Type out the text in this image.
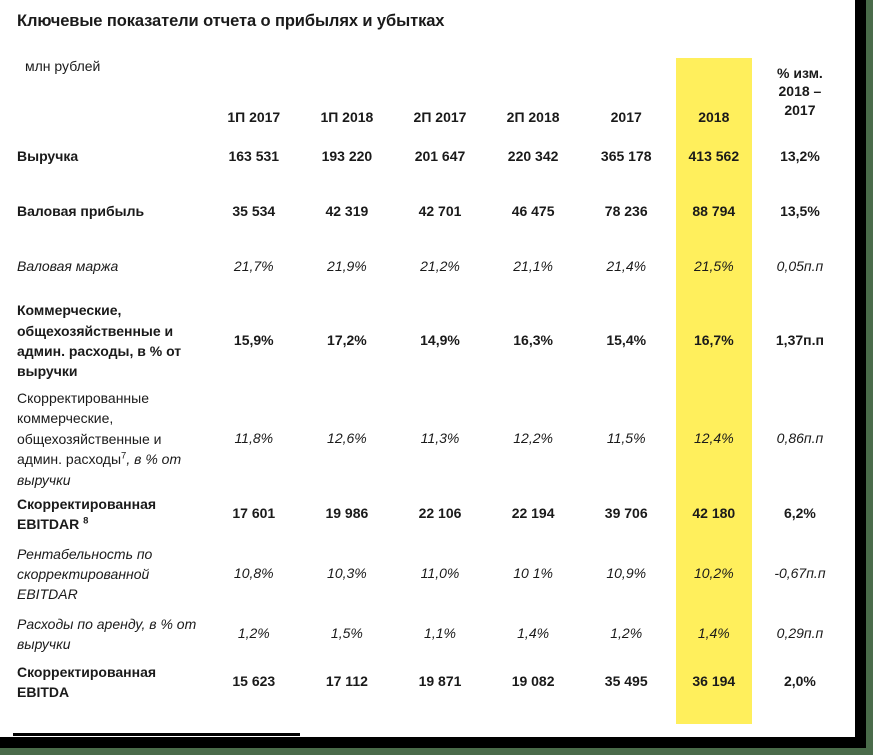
Ключевые показатели отчета о прибылях и убытках
млн рублей
	1П 2017	1П 2018	2П 2017	2П 2018	2017	2018	% изм.
2018 –
2017
Выручка	163 531	193 220	201 647	220 342	365 178	413 562	13,2%
Валовая прибыль	35 534	42 319	42 701	46 475	78 236	88 794	13,5%
Валовая маржа	21,7%	21,9%	21,2%	21,1%	21,4%	21,5%	0,05п.п
Коммерческие, общехозяйственные и админ. расходы, в % от выручки	15,9%	17,2%	14,9%	16,3%	15,4%	16,7%	1,37п.п
Скорректированные коммерческие, общехозяйственные и админ. расходы$^7$, в % от выручки	11,8%	12,6%	11,3%	12,2%	11,5%	12,4%	0,86п.п
Скорректированная EBITDAR $^8$	17 601	19 986	22 106	22 194	39 706	42 180	6,2%
Рентабельность по скорректированной EBITDAR	10,8%	10,3%	11,0%	10 1%	10,9%	10,2%	-0,67п.п
Расходы по аренду, в % от выручки	1,2%	1,5%	1,1%	1,4%	1,2%	1,4%	0,29п.п
Скорректированная EBITDA	15 623	17 112	19 871	19 082	35 495	36 194	2,0%
